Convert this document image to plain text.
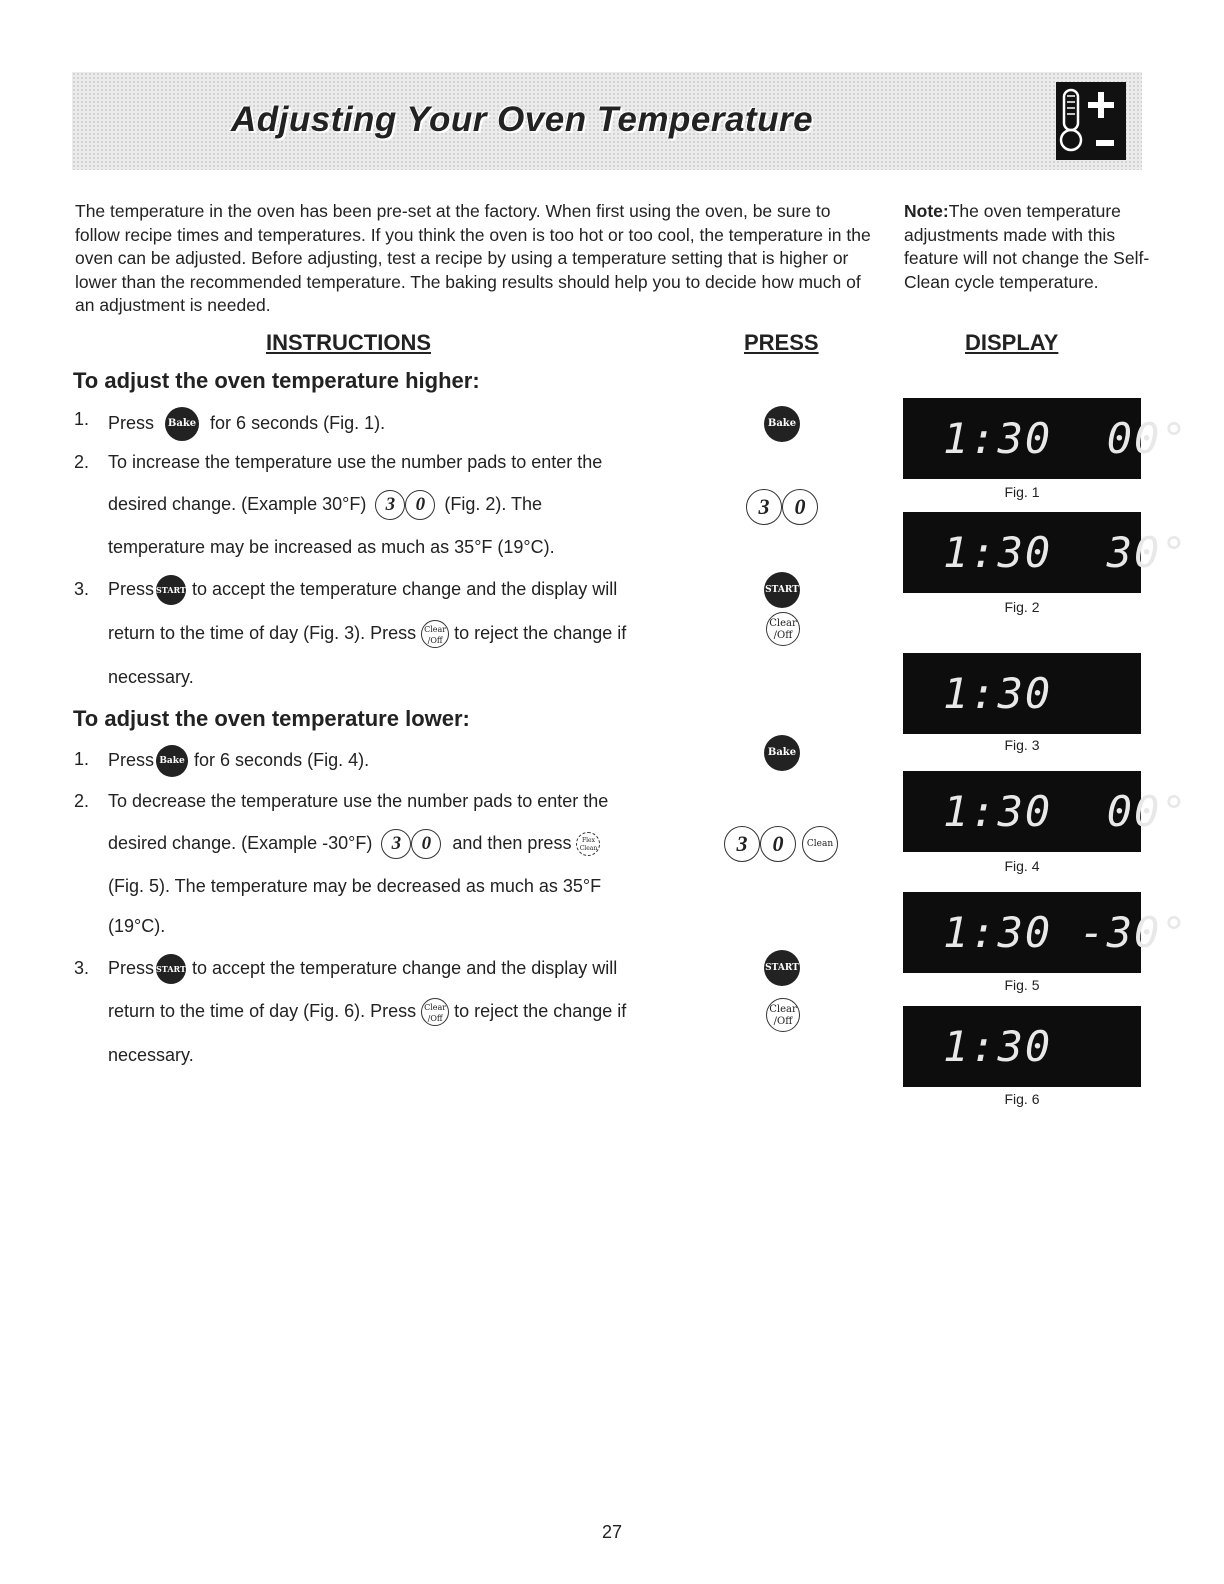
Adjusting Your Oven Temperature
The temperature in the oven has been pre-set at the factory. When first using the oven, be sure to follow recipe times and temperatures. If you think the oven is too hot or too cool, the temperature in the oven can be adjusted. Before adjusting, test a recipe by using a temperature setting that is higher or lower than the recommended temperature. The baking results should help you to decide how much of an adjustment is needed.
Note:The oven temperature adjustments made with this feature will not change the Self-Clean cycle temperature.
INSTRUCTIONS	PRESS	DISPLAY
To adjust the oven temperature higher:
1. Press Bake for 6 seconds (Fig. 1).
2. To increase the temperature use the number pads to enter the
desired change. (Example 30°F) 3 0 (Fig. 2). The
temperature may be increased as much as 35°F (19°C).
3. Press START to accept the temperature change and the display will
return to the time of day (Fig. 3). Press Clear /Off to reject the change if
necessary.
To adjust the oven temperature lower:
1. Press Bake for 6 seconds (Fig. 4).
2. To decrease the temperature use the number pads to enter the
desired change. (Example -30°F) 3 0 and then press Flex Clean
(Fig. 5). The temperature may be decreased as much as 35°F
(19°C).
3. Press START to accept the temperature change and the display will
return to the time of day (Fig. 6). Press Clear /Off to reject the change if
necessary.
Bake
3 0
START
Clear /Off
Bake
3 0	Clean
START
Clear /Off
1:30  00°
Fig. 1
1:30  30°
Fig. 2
1:30
Fig. 3
1:30  00°
Fig. 4
1:30 -30°
Fig. 5
1:30
Fig. 6
27
